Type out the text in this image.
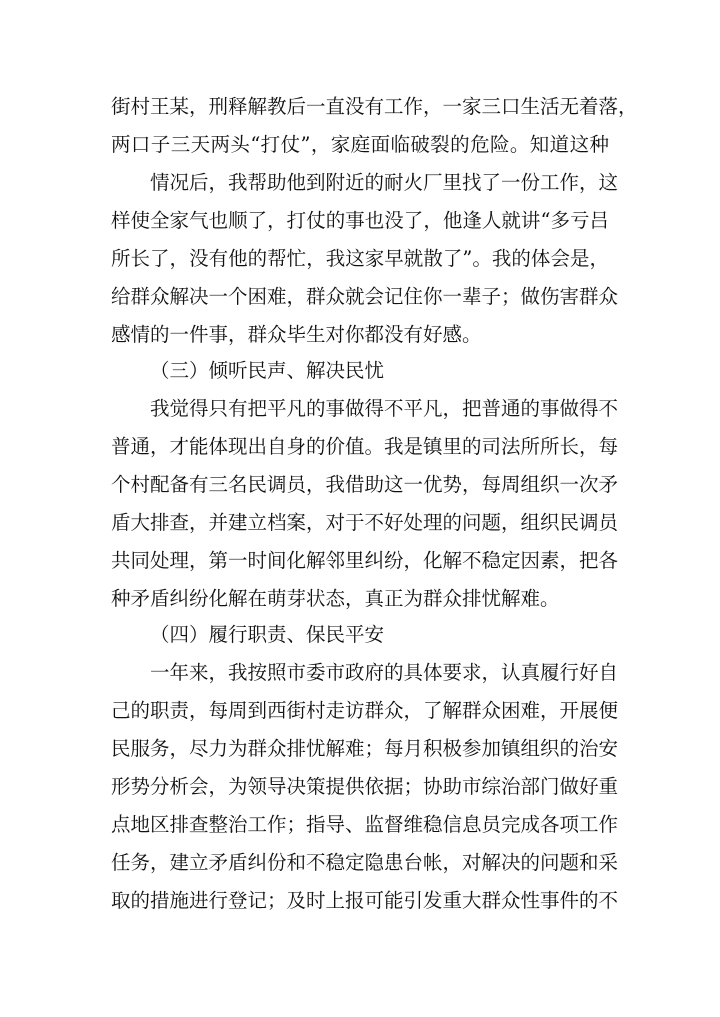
街村王某，刑释解教后一直没有工作，一家三口生活无着落，
两口子三天两头“打仗”，家庭面临破裂的危险。知道这种
情况后，我帮助他到附近的耐火厂里找了一份工作，这
样使全家气也顺了，打仗的事也没了，他逢人就讲“多亏吕
所长了，没有他的帮忙，我这家早就散了”。我的体会是，
给群众解决一个困难，群众就会记住你一辈子；做伤害群众
感情的一件事，群众毕生对你都没有好感。
（三）倾听民声、解决民忧
我觉得只有把平凡的事做得不平凡，把普通的事做得不
普通，才能体现出自身的价值。我是镇里的司法所所长，每
个村配备有三名民调员，我借助这一优势，每周组织一次矛
盾大排查，并建立档案，对于不好处理的问题，组织民调员
共同处理，第一时间化解邻里纠纷，化解不稳定因素，把各
种矛盾纠纷化解在萌芽状态，真正为群众排忧解难。
（四）履行职责、保民平安
一年来，我按照市委市政府的具体要求，认真履行好自
己的职责，每周到西街村走访群众，了解群众困难，开展便
民服务，尽力为群众排忧解难；每月积极参加镇组织的治安
形势分析会，为领导决策提供依据；协助市综治部门做好重
点地区排查整治工作；指导、监督维稳信息员完成各项工作
任务，建立矛盾纠份和不稳定隐患台帐，对解决的问题和采
取的措施进行登记；及时上报可能引发重大群众性事件的不
